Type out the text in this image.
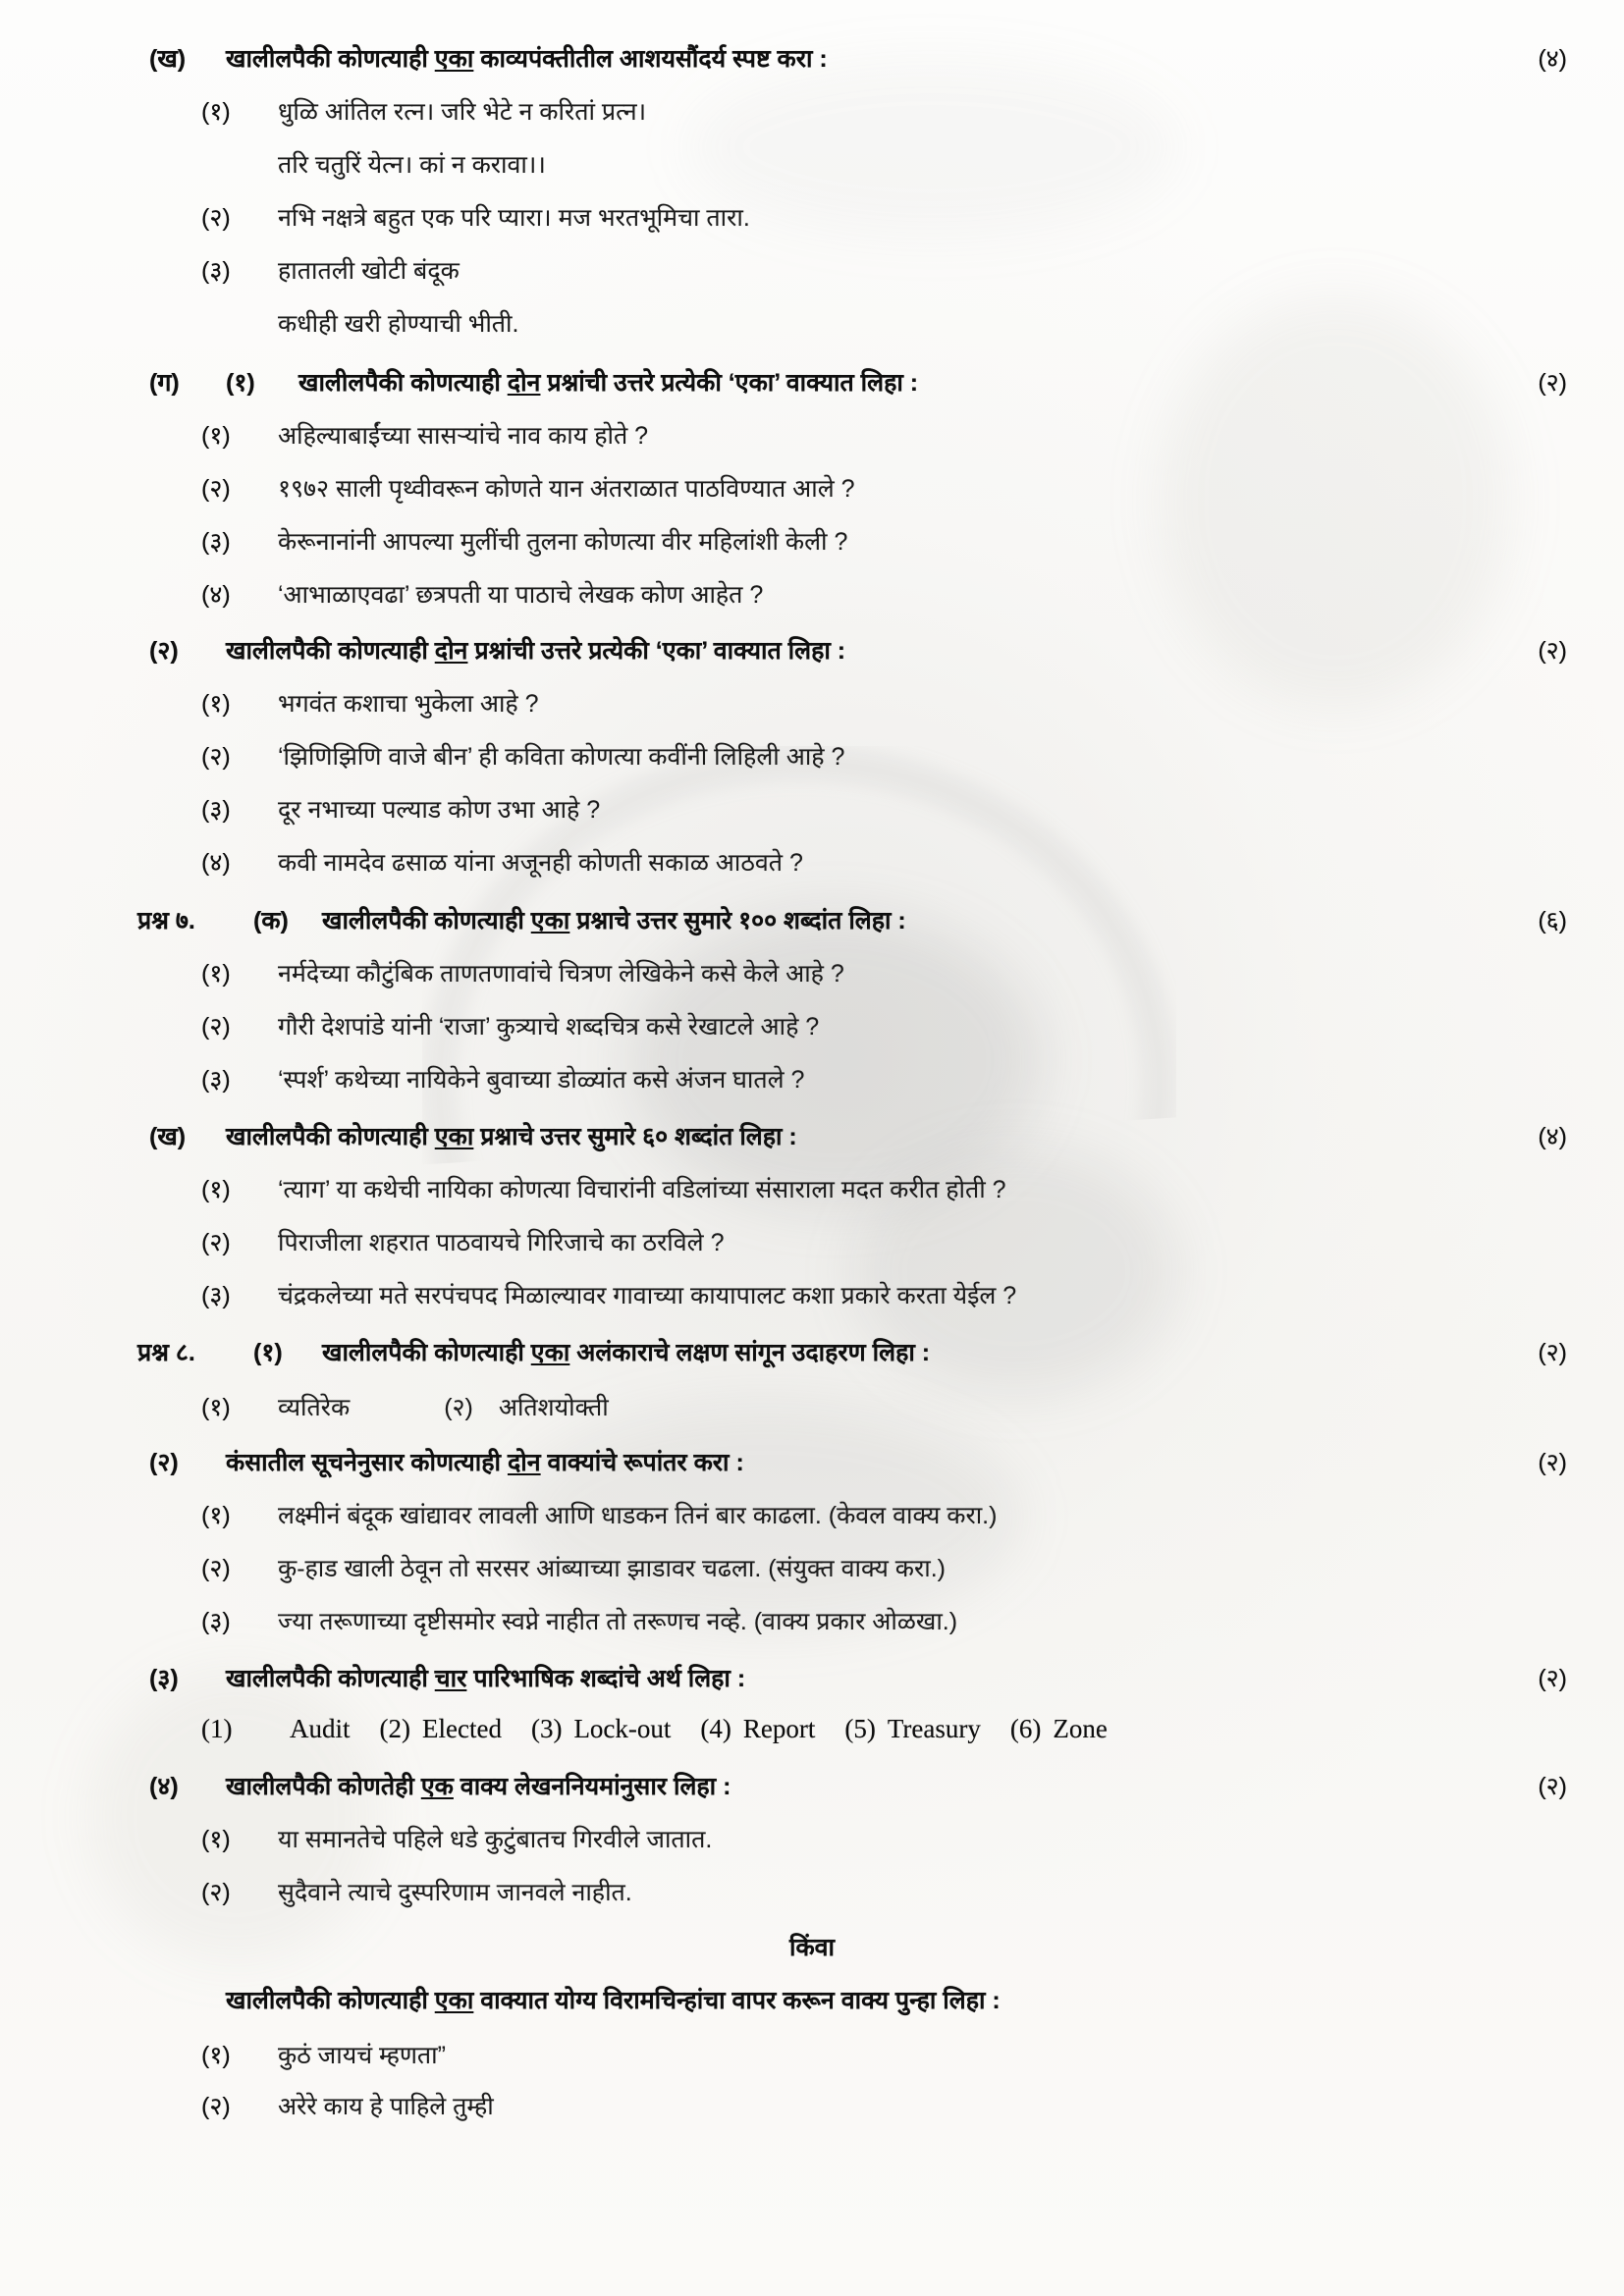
(ख)	खालीलपैकी कोणत्याही एका काव्यपंक्तीतील आशयसौंदर्य स्पष्ट करा :	(४)
(१)	धुळि आंतिल रत्न। जरि भेटे न करितां प्रत्न।

तरि चतुरिं येत्न। कां न करावा।।
(२)	नभि नक्षत्रे बहुत एक परि प्यारा। मज भरतभूमिचा तारा.
(३)	हातातली खोटी बंदूक

कधीही खरी होण्याची भीती.
(ग)	(१)	खालीलपैकी कोणत्याही दोन प्रश्नांची उत्तरे प्रत्येकी ‘एका’ वाक्यात लिहा :	(२)
(१)	अहिल्याबाईंच्या सासऱ्यांचे नाव काय होते ?
(२)	१९७२ साली पृथ्वीवरून कोणते यान अंतराळात पाठविण्यात आले ?
(३)	केरूनानांनी आपल्या मुलींची तुलना कोणत्या वीर महिलांशी केली ?
(४)	‘आभाळाएवढा’ छत्रपती या पाठाचे लेखक कोण आहेत ?
(२)	खालीलपैकी कोणत्याही दोन प्रश्नांची उत्तरे प्रत्येकी ‘एका’ वाक्यात लिहा :	(२)
(१)	भगवंत कशाचा भुकेला आहे ?
(२)	‘झिणिझिणि वाजे बीन’ ही कविता कोणत्या कवींनी लिहिली आहे ?
(३)	दूर नभाच्या पल्याड कोण उभा आहे ?
(४)	कवी नामदेव ढसाळ यांना अजूनही कोणती सकाळ आठवते ?
प्रश्न ७.	(क)	खालीलपैकी कोणत्याही एका प्रश्नाचे उत्तर सुमारे १०० शब्दांत लिहा :	(६)
(१)	नर्मदेच्या कौटुंबिक ताणतणावांचे चित्रण लेखिकेने कसे केले आहे ?
(२)	गौरी देशपांडे यांनी ‘राजा’ कुत्र्याचे शब्दचित्र कसे रेखाटले आहे ?
(३)	‘स्पर्श’ कथेच्या नायिकेने बुवाच्या डोळ्यांत कसे अंजन घातले ?
(ख)	खालीलपैकी कोणत्याही एका प्रश्नाचे उत्तर सुमारे ६० शब्दांत लिहा :	(४)
(१)	‘त्याग’ या कथेची नायिका कोणत्या विचारांनी वडिलांच्या संसाराला मदत करीत होती ?
(२)	पिराजीला शहरात पाठवायचे गिरिजाचे का ठरविले ?
(३)	चंद्रकलेच्या मते सरपंचपद मिळाल्यावर गावाच्या कायापालट कशा प्रकारे करता येईल ?
प्रश्न ८.	(१)	खालीलपैकी कोणत्याही एका अलंकाराचे लक्षण सांगून उदाहरण लिहा :	(२)
(१)	व्यतिरेक	(२) अतिशयोक्ती
(२)	कंसातील सूचनेनुसार कोणत्याही दोन वाक्यांचे रूपांतर करा :	(२)
(१)	लक्ष्मीनं बंदूक खांद्यावर लावली आणि धाडकन तिनं बार काढला. (केवल वाक्य करा.)
(२)	कु-हाड खाली ठेवून तो सरसर आंब्याच्या झाडावर चढला. (संयुक्त वाक्य करा.)
(३)	ज्या तरूणाच्या दृष्टीसमोर स्वप्ने नाहीत तो तरूणच नव्हे. (वाक्य प्रकार ओळखा.)
(३)	खालीलपैकी कोणत्याही चार पारिभाषिक शब्दांचे अर्थ लिहा :	(२)
(४)	खालीलपैकी कोणतेही एक वाक्य लेखननियमांनुसार लिहा :	(२)
(१)	या समानतेचे पहिले धडे कुटुंबातच गिरवीले जातात.
(२)	सुदैवाने त्याचे दुस्परिणाम जानवले नाहीत.

खालीलपैकी कोणत्याही एका वाक्यात योग्य विरामचिन्हांचा वापर करून वाक्य पुन्हा लिहा :
(१)	कुठं जायचं म्हणता”
(२)	अरेरे काय हे पाहिले तुम्ही
(1)	Audit (2) Elected (3) Lock-out (4) Report (5) Treasury (6) Zone
किंवा
